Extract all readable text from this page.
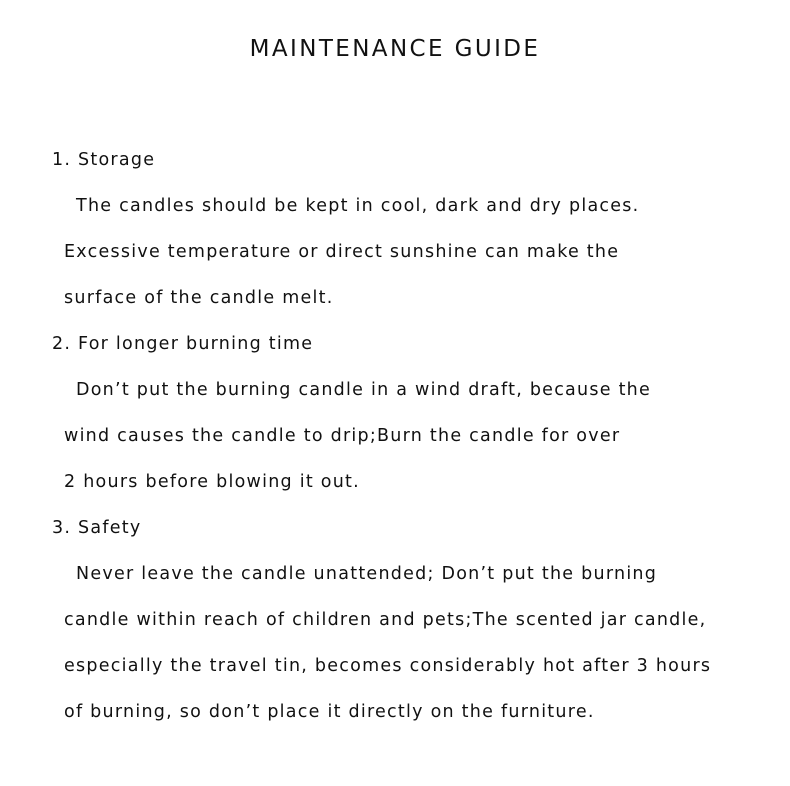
MAINTENANCE GUIDE
1. Storage
The candles should be kept in cool, dark and dry places.
Excessive temperature or direct sunshine can make the
surface of the candle melt.
2. For longer burning time
Don’t put the burning candle in a wind draft, because the
wind causes the candle to drip;Burn the candle for over
2 hours before blowing it out.
3. Safety
Never leave the candle unattended; Don’t put the burning
candle within reach of children and pets;The scented jar candle,
especially the travel tin, becomes considerably hot after 3 hours
of burning, so don’t place it directly on the furniture.
